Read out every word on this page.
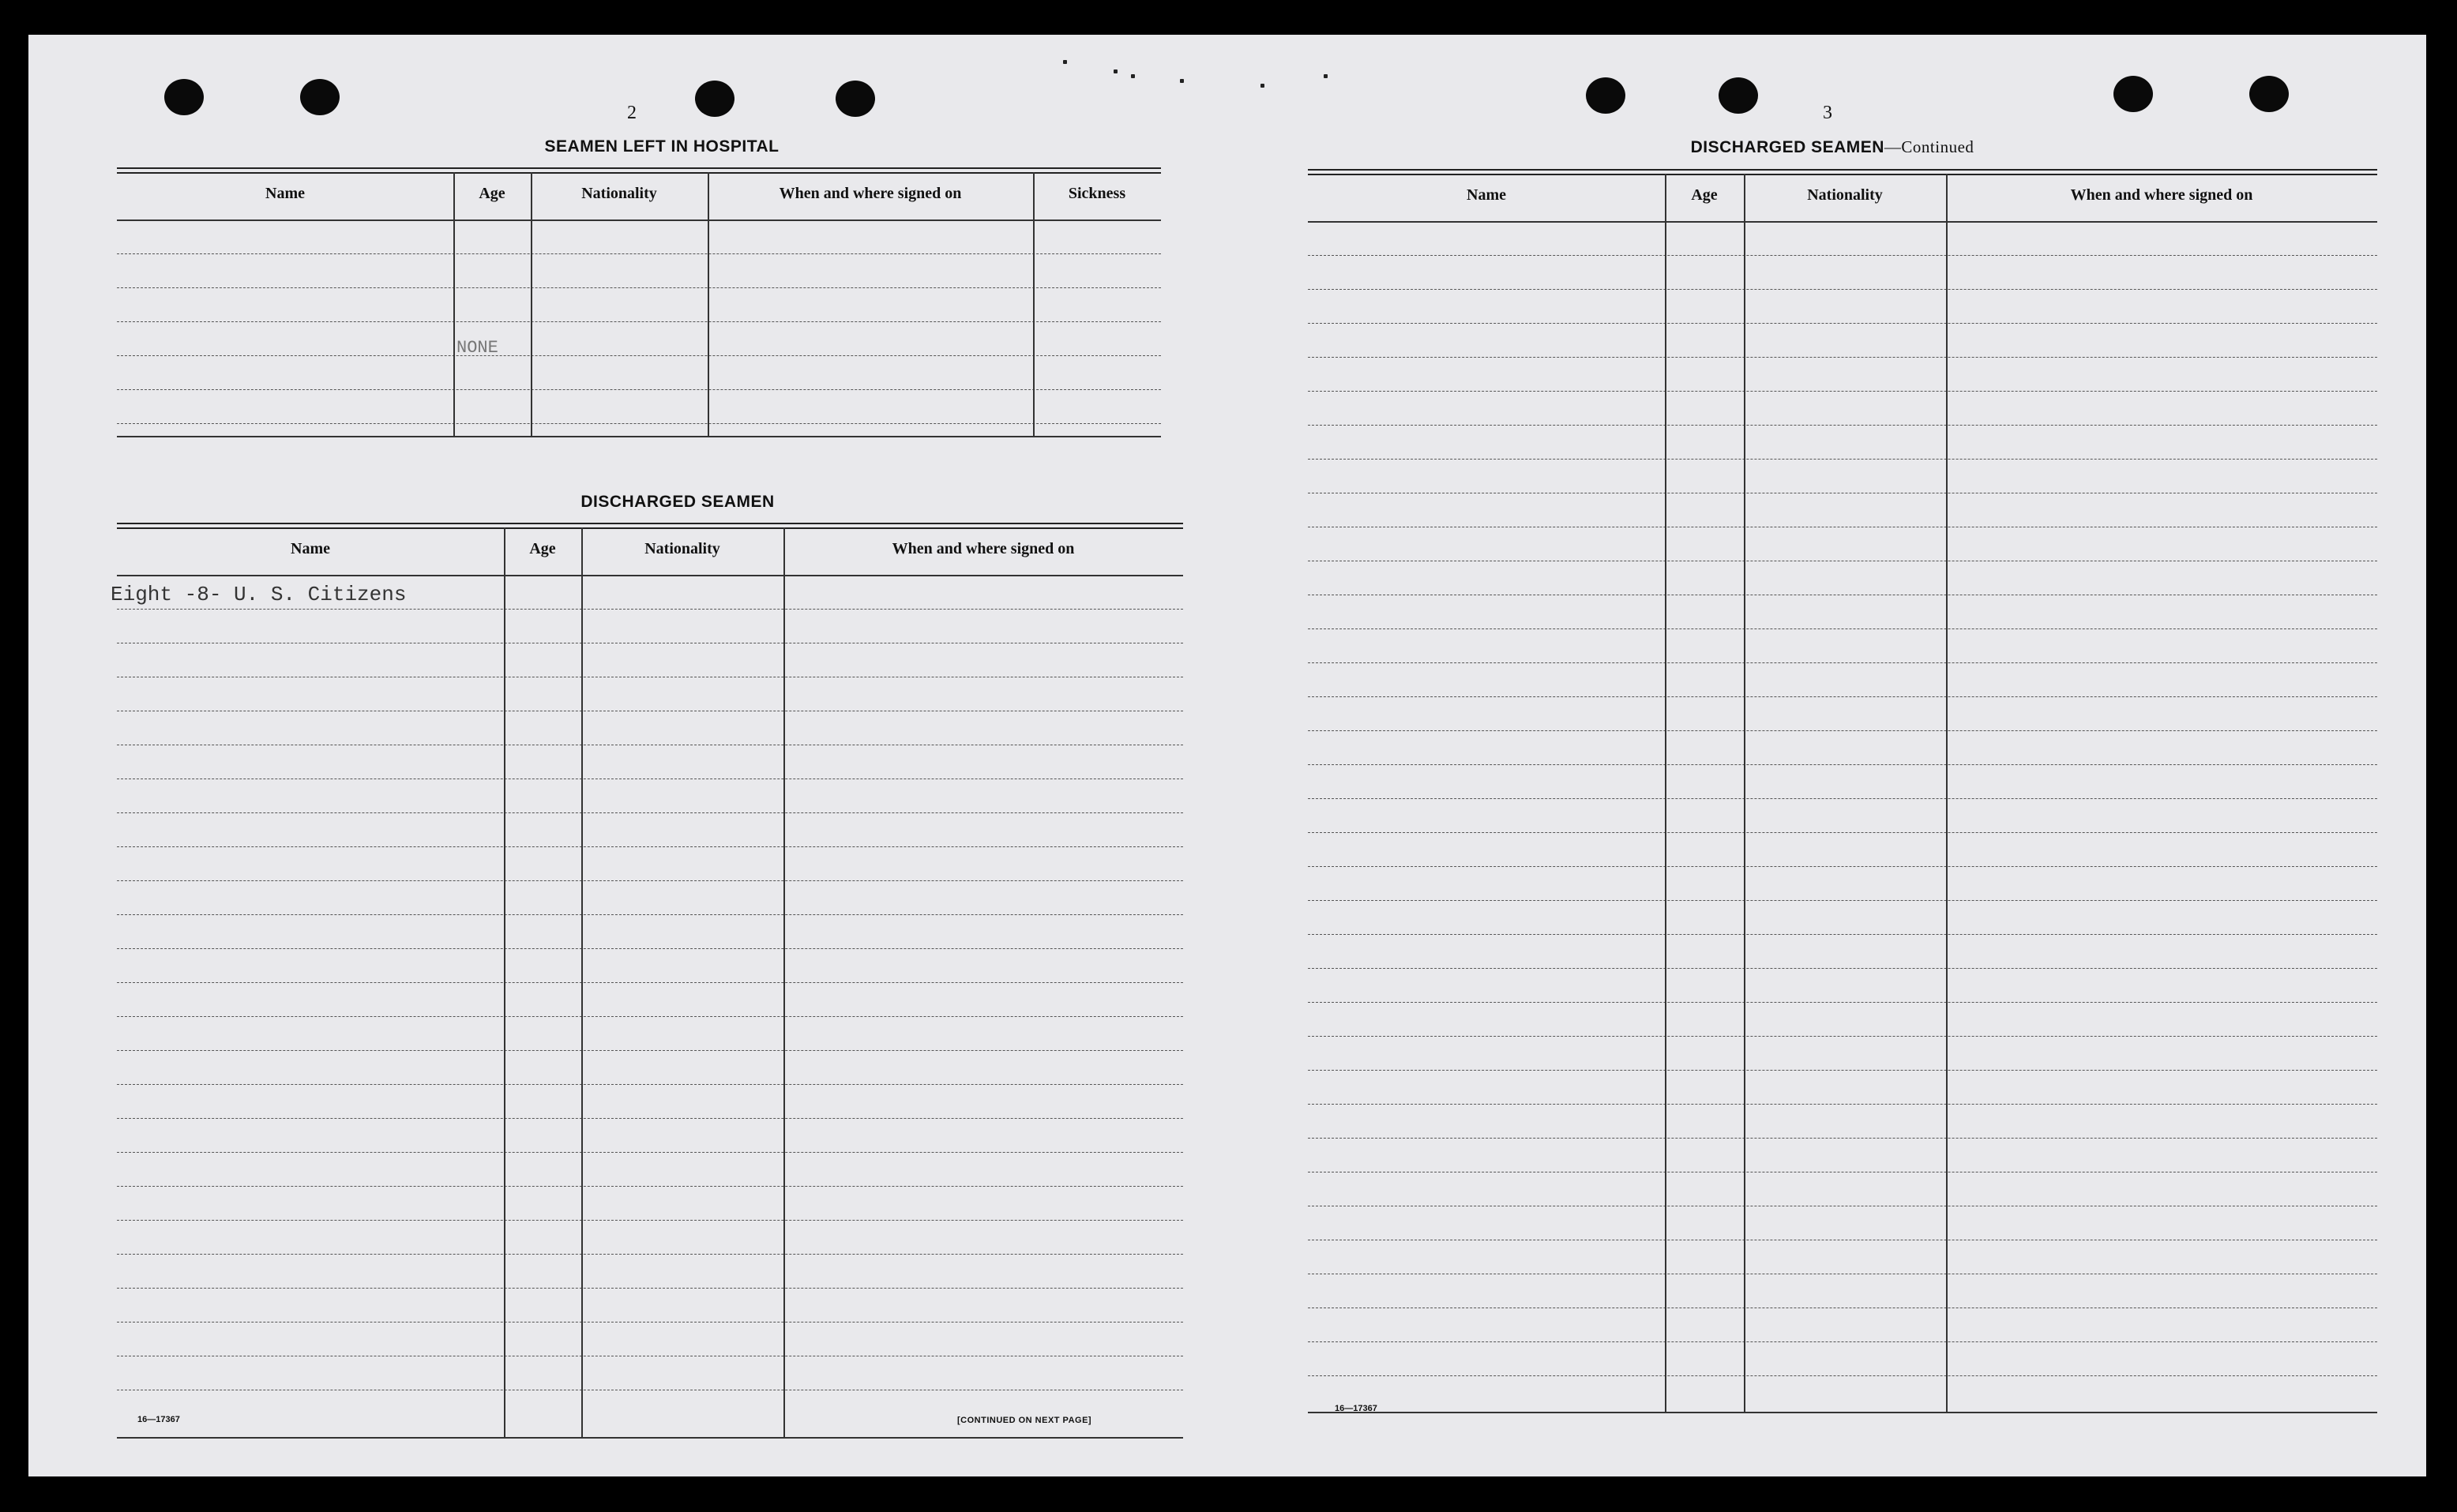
2
SEAMEN LEFT IN HOSPITAL
Name	Age	Nationality	When and where signed on	Sickness
NONE
DISCHARGED SEAMEN
Name	Age	Nationality	When and where signed on
Eight -8- U. S. Citizens
16—17367	[CONTINUED ON NEXT PAGE]
3
DISCHARGED SEAMEN—Continued
Name	Age	Nationality	When and where signed on
16—17367
